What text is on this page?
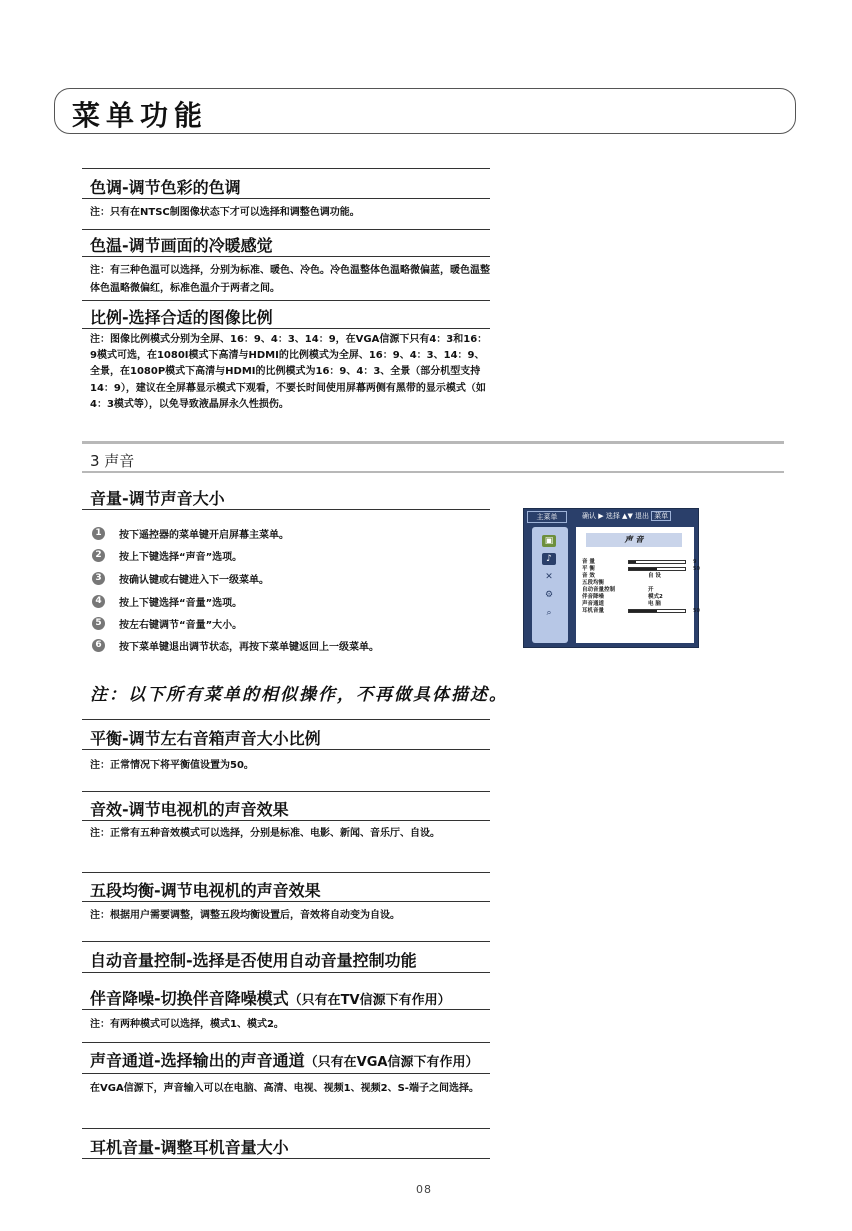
菜单功能
色调-调节色彩的色调
注：只有在NTSC制图像状态下才可以选择和调整色调功能。
色温-调节画面的冷暖感觉
注：有三种色温可以选择，分别为标准、暖色、冷色。冷色温整体色温略微偏蓝，暖色温整体色温略微偏红，标准色温介于两者之间。
比例-选择合适的图像比例
注：图像比例模式分别为全屏、16：9、4：3、14：9，在VGA信源下只有4：3和16：9模式可选，在1080I模式下高清与HDMI的比例模式为全屏、16：9、4：3、14：9、全景，在1080P模式下高清与HDMI的比例模式为16：9、4：3、全景（部分机型支持14：9），建议在全屏幕显示模式下观看，不要长时间使用屏幕两侧有黑带的显示模式（如4：3模式等），以免导致液晶屏永久性损伤。
3 声音
音量-调节声音大小
1	按下遥控器的菜单键开启屏幕主菜单。
2	按上下键选择“声音”选项。
3	按确认键或右键进入下一级菜单。
4	按上下键选择“音量”选项。
5	按左右键调节“音量”大小。
6	按下菜单键退出调节状态，再按下菜单键返回上一级菜单。
注：以下所有菜单的相似操作，不再做具体描述。
主菜单	确认 ▶ 选择 ▲▼ 退出 菜单
▣
♪
✕
⚙
⌕
声 音
音 量	9
平 衡	50
音 效	自 设
五段均衡
自动音量控制	开
伴音降噪	模式2
声音通道	电 脑
耳机音量	50
平衡-调节左右音箱声音大小比例
注：正常情况下将平衡值设置为50。
音效-调节电视机的声音效果
注：正常有五种音效模式可以选择，分别是标准、电影、新闻、音乐厅、自设。
五段均衡-调节电视机的声音效果
注：根据用户需要调整，调整五段均衡设置后，音效将自动变为自设。
自动音量控制-选择是否使用自动音量控制功能
伴音降噪-切换伴音降噪模式（只有在TV信源下有作用）
注：有两种模式可以选择，模式1、模式2。
声音通道-选择输出的声音通道（只有在VGA信源下有作用）
在VGA信源下，声音输入可以在电脑、高清、电视、视频1、视频2、S-端子之间选择。
耳机音量-调整耳机音量大小
08
